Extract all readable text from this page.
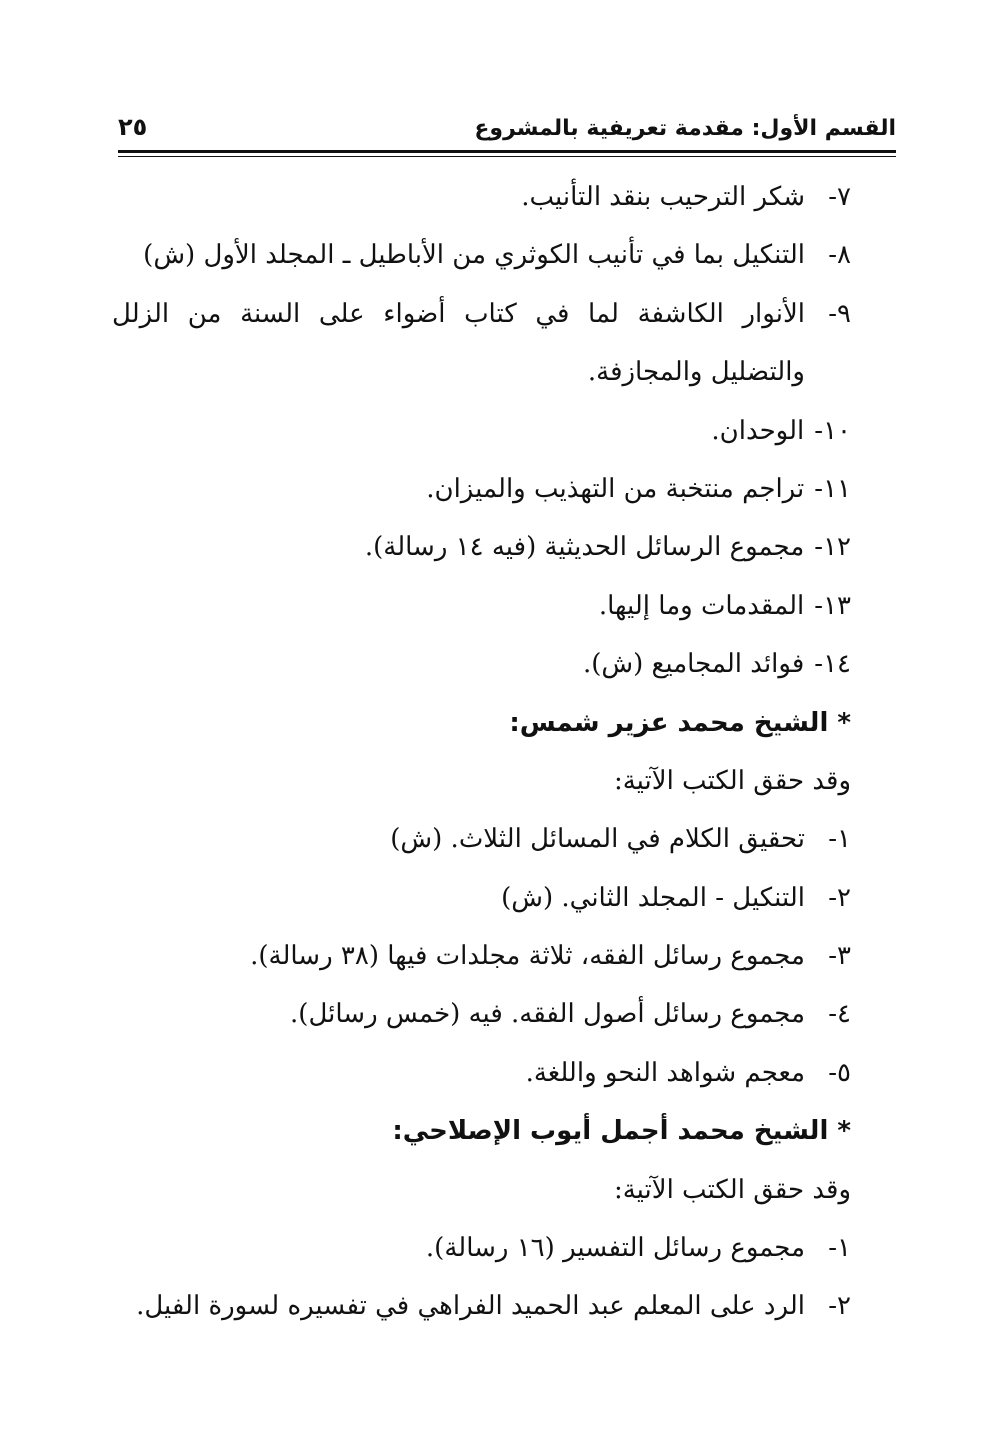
القسم الأول: مقدمة تعريفية بالمشروع
٢٥
٧-شكر الترحيب بنقد التأنيب.
٨-التنكيل بما في تأنيب الكوثري من الأباطيل ـ المجلد الأول (ش)
٩-الأنوار الكاشفة لما في كتاب أضواء على السنة من الزلل
والتضليل والمجازفة.
١٠-الوحدان.
١١-تراجم منتخبة من التهذيب والميزان.
١٢-مجموع الرسائل الحديثية (فيه ١٤ رسالة).
١٣-المقدمات وما إليها.
١٤-فوائد المجاميع (ش).
* الشيخ محمد عزير شمس:
وقد حقق الكتب الآتية:
١-تحقيق الكلام في المسائل الثلاث. (ش)
٢-التنكيل - المجلد الثاني. (ش)
٣-مجموع رسائل الفقه، ثلاثة مجلدات فيها (٣٨ رسالة).
٤-مجموع رسائل أصول الفقه. فيه (خمس رسائل).
٥-معجم شواهد النحو واللغة.
* الشيخ محمد أجمل أيوب الإصلاحي:
وقد حقق الكتب الآتية:
١-مجموع رسائل التفسير (١٦ رسالة).
٢-الرد على المعلم عبد الحميد الفراهي في تفسيره لسورة الفيل.
